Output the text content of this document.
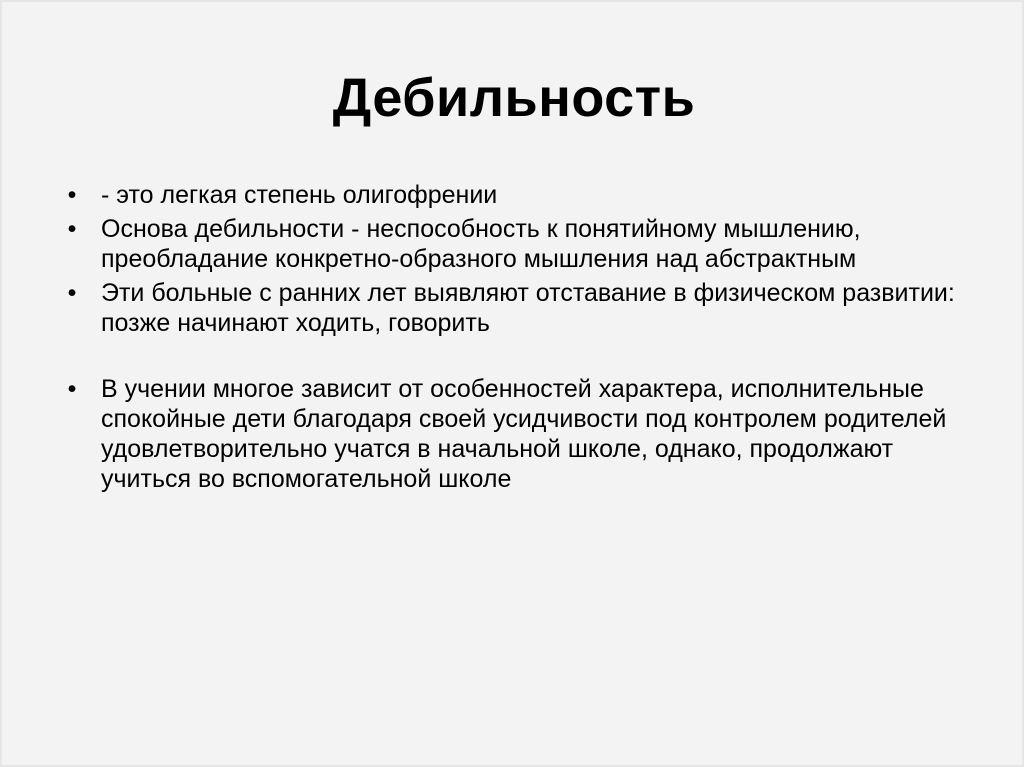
Дебильность
• - это легкая степень олигофрении
• Основа дебильности - неспособность к понятийному мышлению, преобладание конкретно-образного мышления над абстрактным
• Эти больные с ранних лет выявляют отставание в физическом развитии: позже начинают ходить, говорить
• В учении многое зависит от особенностей характера, исполнительные спокойные дети благодаря своей усидчивости под контролем родителей удовлетворительно учатся в начальной школе, однако, продолжают учиться во вспомогательной школе
